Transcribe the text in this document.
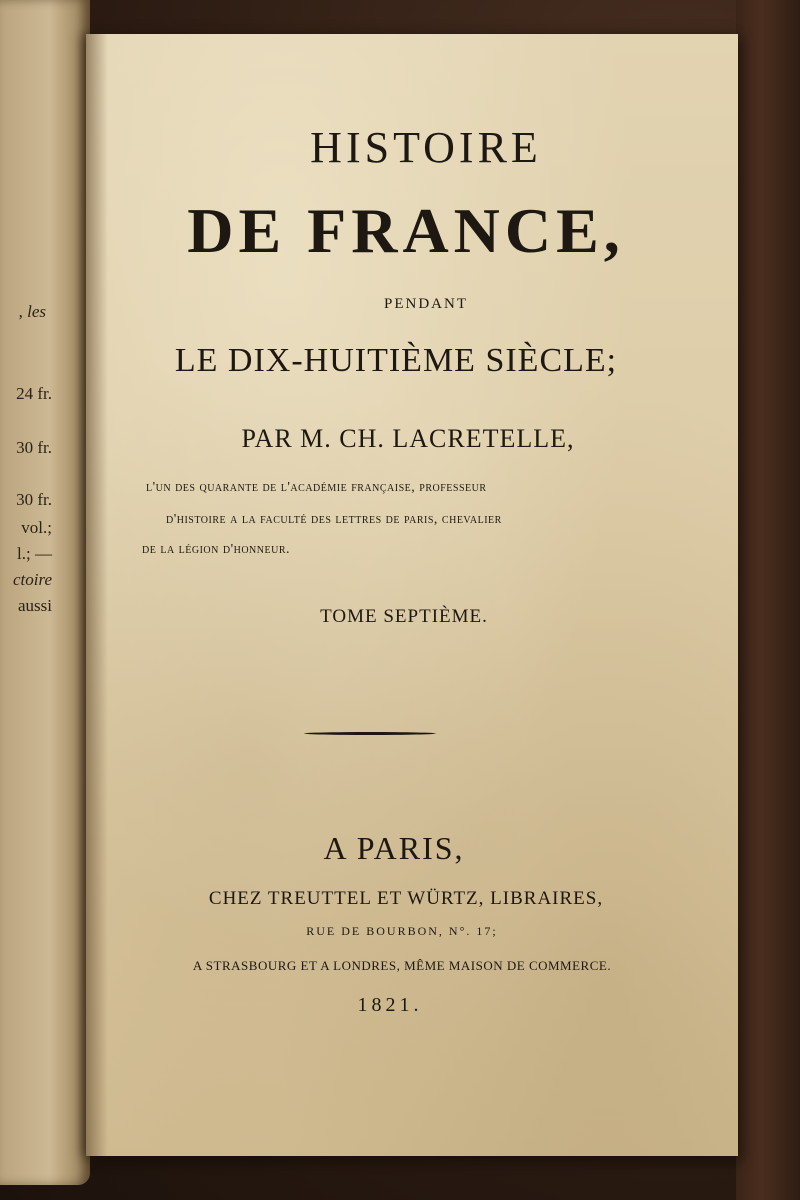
, les
24 fr.
30 fr.
30 fr.
vol.;
l.; —
ctoire
aussi
HISTOIRE
DE FRANCE,
PENDANT
LE DIX-HUITIÈME SIÈCLE;
PAR M. CH. LACRETELLE,
l'un des quarante de l'académie française, professeur
d'histoire a la faculté des lettres de paris, chevalier
de la légion d'honneur.
TOME SEPTIÈME.
A PARIS,
CHEZ TREUTTEL ET WÜRTZ, LIBRAIRES,
RUE DE BOURBON, N°. 17;
A STRASBOURG ET A LONDRES, MÊME MAISON DE COMMERCE.
1821.
